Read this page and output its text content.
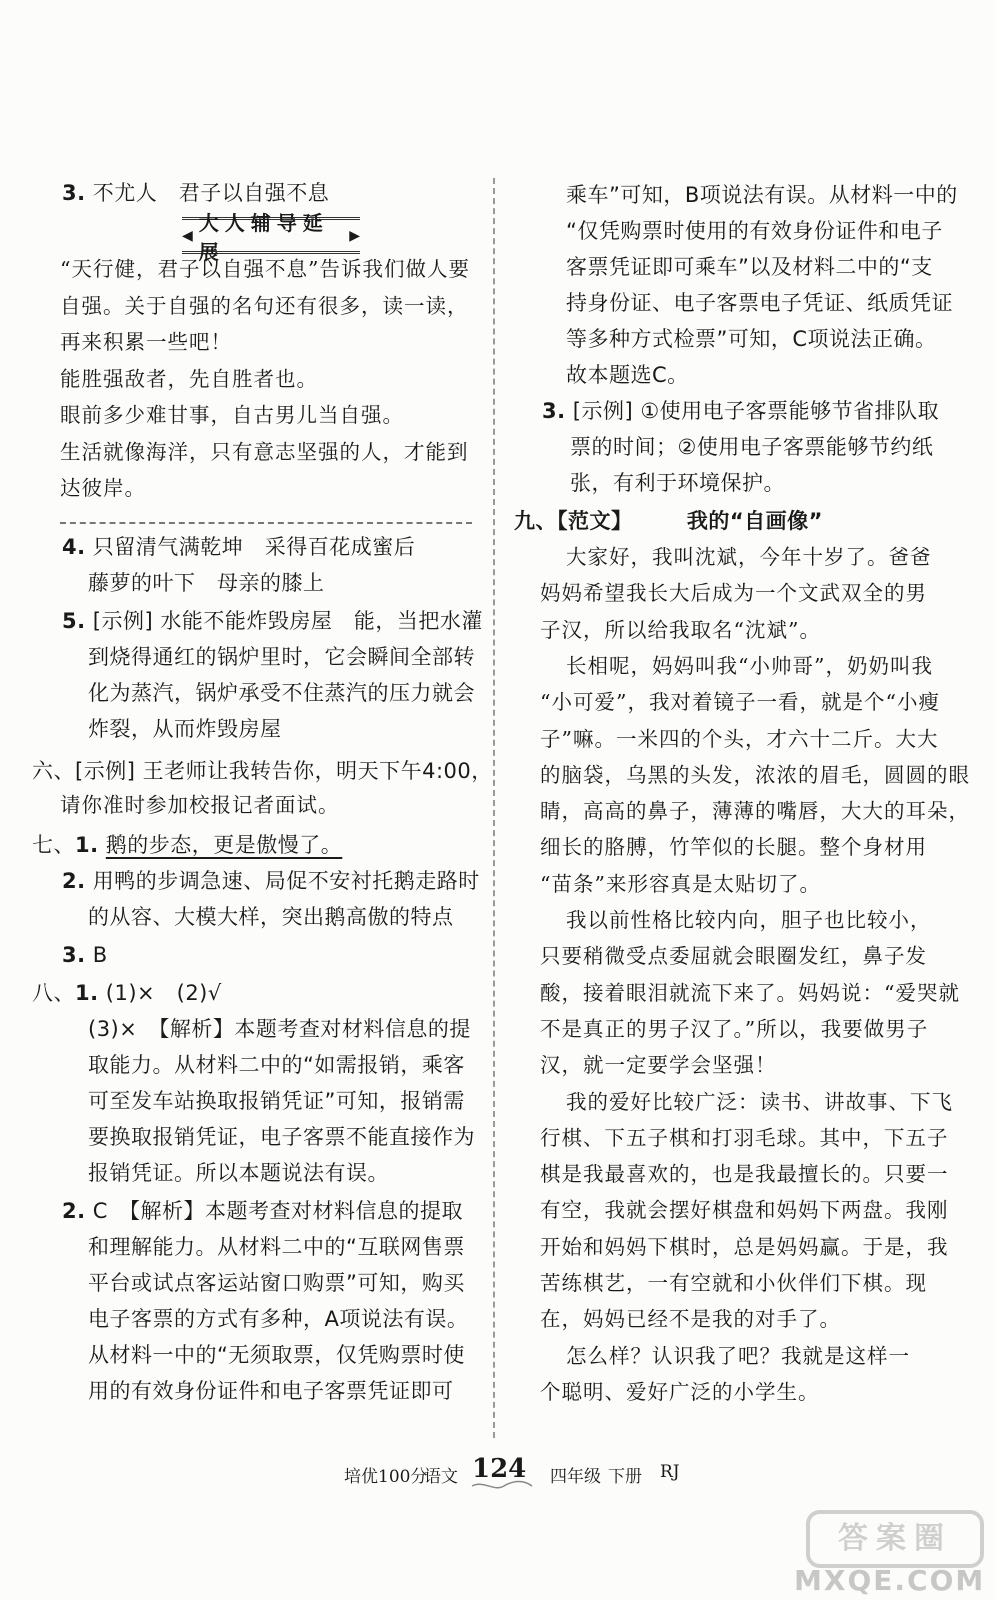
3. 不尤人　君子以自强不息
◀
大人辅导延展
▶
“天行健，君子以自强不息”告诉我们做人要
自强。关于自强的名句还有很多，读一读，
再来积累一些吧！
能胜强敌者，先自胜者也。
眼前多少难甘事，自古男儿当自强。
生活就像海洋，只有意志坚强的人，才能到
达彼岸。
4. 只留清气满乾坤　采得百花成蜜后
藤萝的叶下　母亲的膝上
5. [示例] 水能不能炸毁房屋　能，当把水灌
到烧得通红的锅炉里时，它会瞬间全部转
化为蒸汽，锅炉承受不住蒸汽的压力就会
炸裂，从而炸毁房屋
六、[示例] 王老师让我转告你，明天下午4:00，
请你准时参加校报记者面试。
七、1. 鹅的步态，更是傲慢了。
2. 用鸭的步调急速、局促不安衬托鹅走路时
的从容、大模大样，突出鹅高傲的特点
3. B
八、1. (1)×　(2)√
(3)×　【解析】本题考查对材料信息的提
取能力。从材料二中的“如需报销，乘客
可至发车站换取报销凭证”可知，报销需
要换取报销凭证，电子客票不能直接作为
报销凭证。所以本题说法有误。
2. C　【解析】本题考查对材料信息的提取
和理解能力。从材料二中的“互联网售票
平台或试点客运站窗口购票”可知，购买
电子客票的方式有多种，A项说法有误。
从材料一中的“无须取票，仅凭购票时使
用的有效身份证件和电子客票凭证即可
乘车”可知，B项说法有误。从材料一中的
“仅凭购票时使用的有效身份证件和电子
客票凭证即可乘车”以及材料二中的“支
持身份证、电子客票电子凭证、纸质凭证
等多种方式检票”可知，C项说法正确。
故本题选C。
3. [示例] ①使用电子客票能够节省排队取
票的时间；②使用电子客票能够节约纸
张，有利于环境保护。
九、【范文】	我的“自画像”
大家好，我叫沈斌，今年十岁了。爸爸
妈妈希望我长大后成为一个文武双全的男
子汉，所以给我取名“沈斌”。
长相呢，妈妈叫我“小帅哥”，奶奶叫我
“小可爱”，我对着镜子一看，就是个“小瘦
子”嘛。一米四的个头，才六十二斤。大大
的脑袋，乌黑的头发，浓浓的眉毛，圆圆的眼
睛，高高的鼻子，薄薄的嘴唇，大大的耳朵，
细长的胳膊，竹竿似的长腿。整个身材用
“苗条”来形容真是太贴切了。
我以前性格比较内向，胆子也比较小，
只要稍微受点委屈就会眼圈发红，鼻子发
酸，接着眼泪就流下来了。妈妈说：“爱哭就
不是真正的男子汉了。”所以，我要做男子
汉，就一定要学会坚强！
我的爱好比较广泛：读书、讲故事、下飞
行棋、下五子棋和打羽毛球。其中，下五子
棋是我最喜欢的，也是我最擅长的。只要一
有空，我就会摆好棋盘和妈妈下两盘。我刚
开始和妈妈下棋时，总是妈妈赢。于是，我
苦练棋艺，一有空就和小伙伴们下棋。现
在，妈妈已经不是我的对手了。
怎么样？认识我了吧？我就是这样一
个聪明、爱好广泛的小学生。
培优100分
语文 124 四年级 下册 RJ
答案圈
MXQE.COM
